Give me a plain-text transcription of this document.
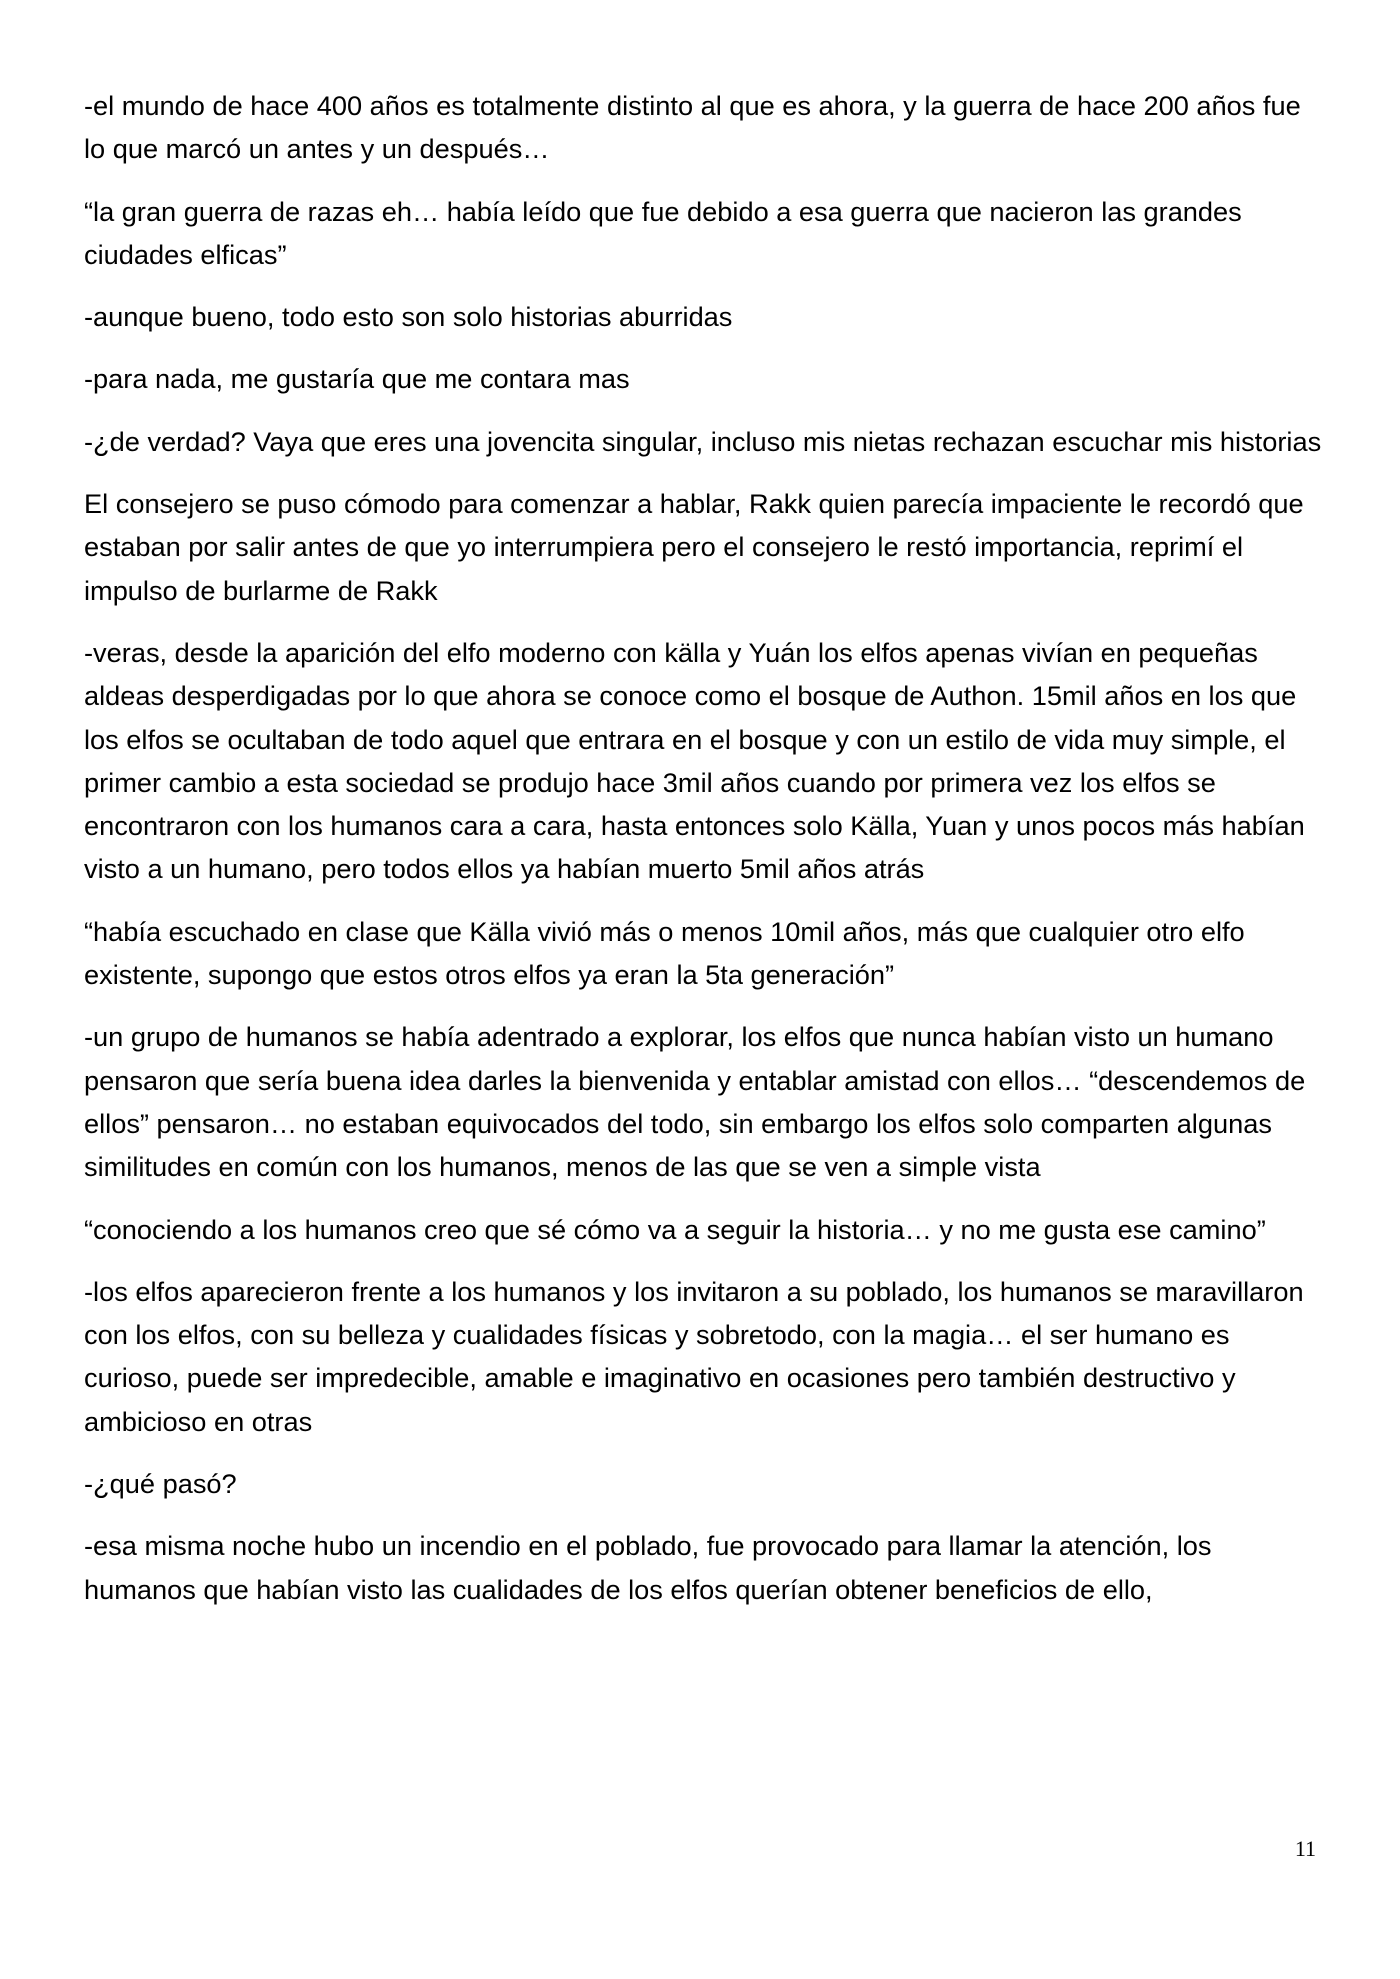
-el mundo de hace 400 años es totalmente distinto al que es ahora, y la guerra de hace 200 años fue lo que marcó un antes y un después…

“la gran guerra de razas eh… había leído que fue debido a esa guerra que nacieron las grandes ciudades elficas”

-aunque bueno, todo esto son solo historias aburridas

-para nada, me gustaría que me contara mas

-¿de verdad? Vaya que eres una jovencita singular, incluso mis nietas rechazan escuchar mis historias

El consejero se puso cómodo para comenzar a hablar, Rakk quien parecía impaciente le recordó que estaban por salir antes de que yo interrumpiera pero el consejero le restó importancia, reprimí el impulso de burlarme de Rakk

-veras, desde la aparición del elfo moderno con källa y Yuán los elfos apenas vivían en pequeñas aldeas desperdigadas por lo que ahora se conoce como el bosque de Authon. 15mil años en los que los elfos se ocultaban de todo aquel que entrara en el bosque y con un estilo de vida muy simple, el primer cambio a esta sociedad se produjo hace 3mil años cuando por primera vez los elfos se encontraron con los humanos cara a cara, hasta entonces solo Källa, Yuan y unos pocos más habían visto a un humano, pero todos ellos ya habían muerto 5mil años atrás

“había escuchado en clase que Källa vivió más o menos 10mil años, más que cualquier otro elfo existente, supongo que estos otros elfos ya eran la 5ta generación”

-un grupo de humanos se había adentrado a explorar, los elfos que nunca habían visto un humano pensaron que sería buena idea darles la bienvenida y entablar amistad con ellos… “descendemos de ellos” pensaron… no estaban equivocados del todo, sin embargo los elfos solo comparten algunas similitudes en común con los humanos, menos de las que se ven a simple vista

“conociendo a los humanos creo que sé cómo va a seguir la historia… y no me gusta ese camino”

-los elfos aparecieron frente a los humanos y los invitaron a su poblado, los humanos se maravillaron con los elfos, con su belleza y cualidades físicas y sobretodo, con la magia… el ser humano es curioso, puede ser impredecible, amable e imaginativo en ocasiones pero también destructivo y ambicioso en otras

-¿qué pasó?

-esa misma noche hubo un incendio en el poblado, fue provocado para llamar la atención, los humanos que habían visto las cualidades de los elfos querían obtener beneficios de ello,

11
